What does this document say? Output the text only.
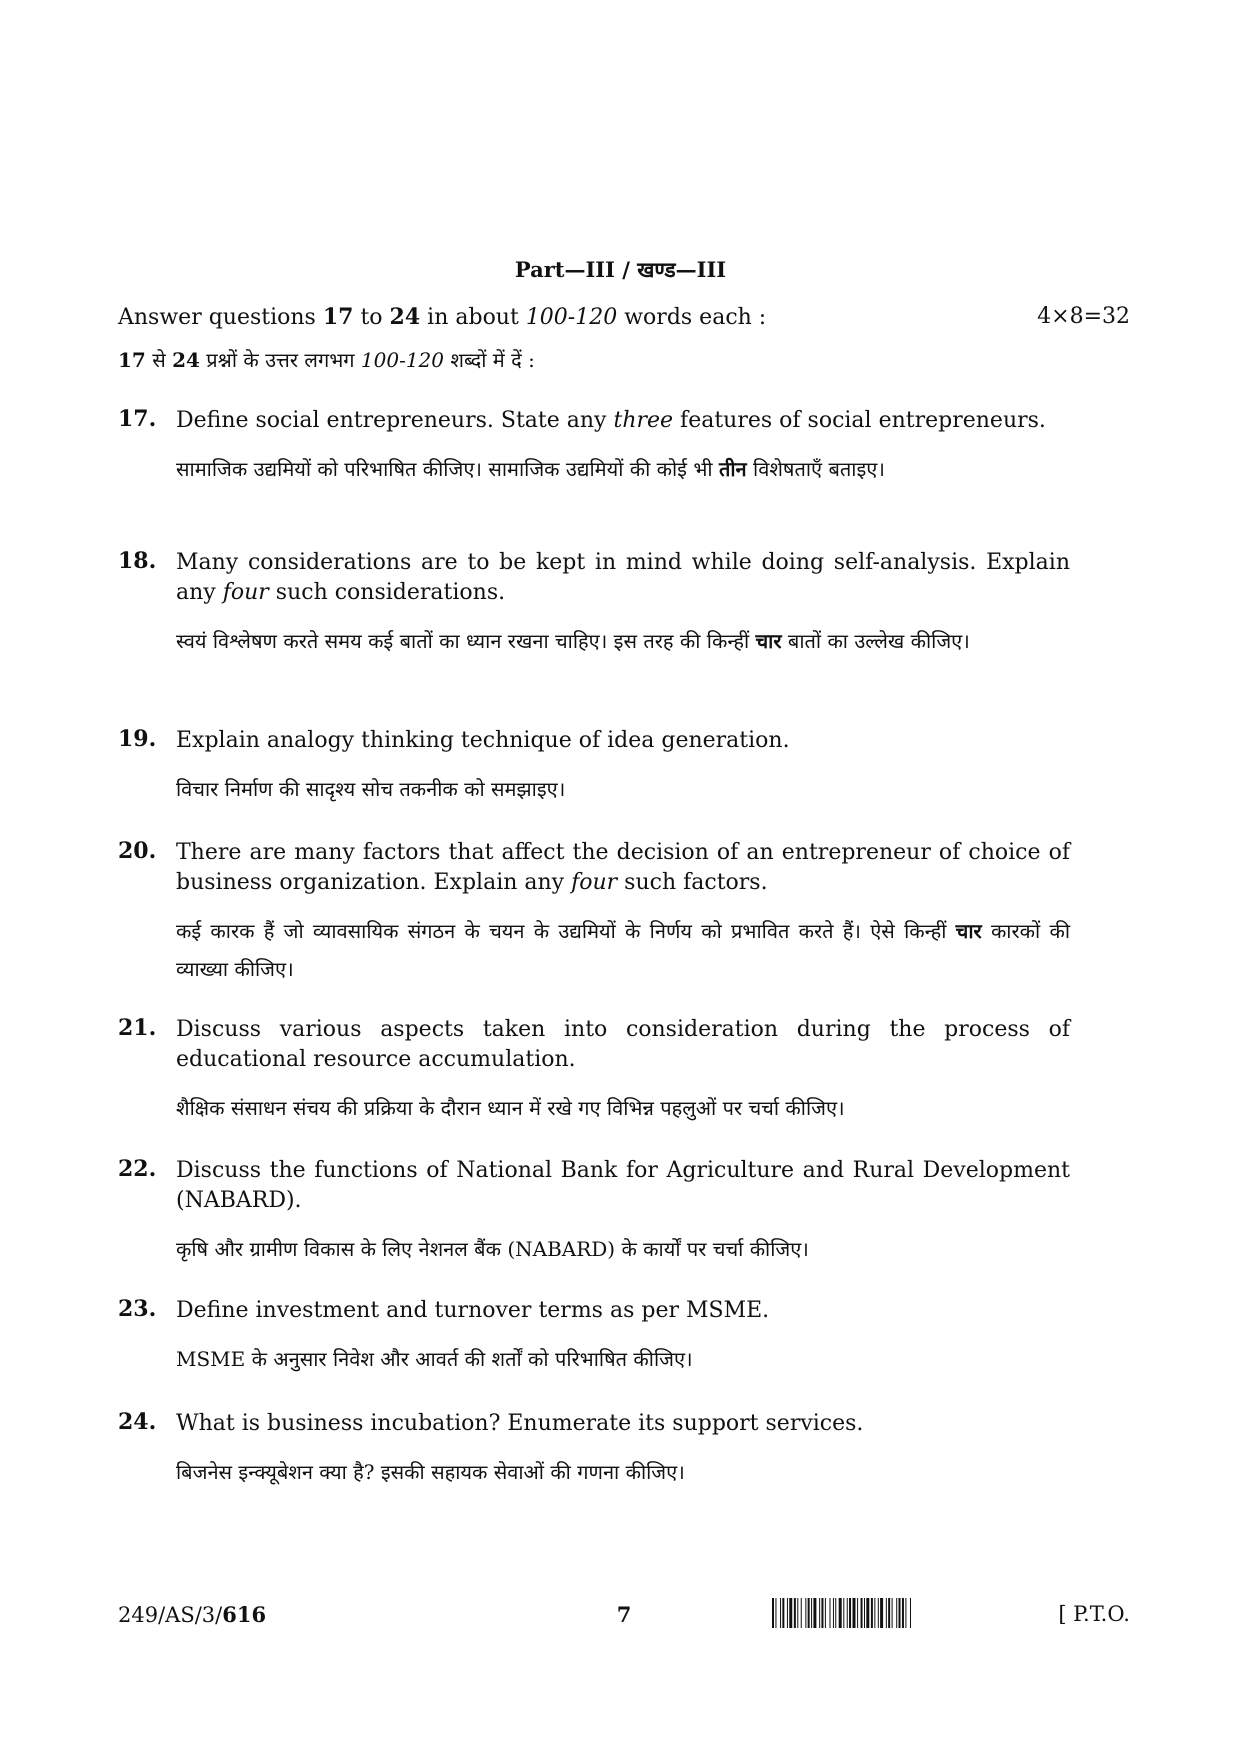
Part—III / खण्ड—III
Answer questions 17 to 24 in about 100-120 words each :	4×8=32
17 से 24 प्रश्नों के उत्तर लगभग 100-120 शब्दों में दें :
17. Define social entrepreneurs. State any three features of social entrepreneurs.
सामाजिक उद्यमियों को परिभाषित कीजिए। सामाजिक उद्यमियों की कोई भी तीन विशेषताएँ बताइए।
18. Many considerations are to be kept in mind while doing self-analysis. Explain any four such considerations.
स्वयं विश्लेषण करते समय कई बातों का ध्यान रखना चाहिए। इस तरह की किन्हीं चार बातों का उल्लेख कीजिए।
19. Explain analogy thinking technique of idea generation.
विचार निर्माण की सादृश्य सोच तकनीक को समझाइए।
20. There are many factors that affect the decision of an entrepreneur of choice of business organization. Explain any four such factors.
कई कारक हैं जो व्यावसायिक संगठन के चयन के उद्यमियों के निर्णय को प्रभावित करते हैं। ऐसे किन्हीं चार कारकों की व्याख्या कीजिए।
21. Discuss various aspects taken into consideration during the process of educational resource accumulation.
शैक्षिक संसाधन संचय की प्रक्रिया के दौरान ध्यान में रखे गए विभिन्न पहलुओं पर चर्चा कीजिए।
22. Discuss the functions of National Bank for Agriculture and Rural Development (NABARD).
कृषि और ग्रामीण विकास के लिए नेशनल बैंक (NABARD) के कार्यों पर चर्चा कीजिए।
23. Define investment and turnover terms as per MSME.
MSME के अनुसार निवेश और आवर्त की शर्तों को परिभाषित कीजिए।
24. What is business incubation? Enumerate its support services.
बिजनेस इन्क्यूबेशन क्या है? इसकी सहायक सेवाओं की गणना कीजिए।
249/AS/3/616	7	[ P.T.O.
